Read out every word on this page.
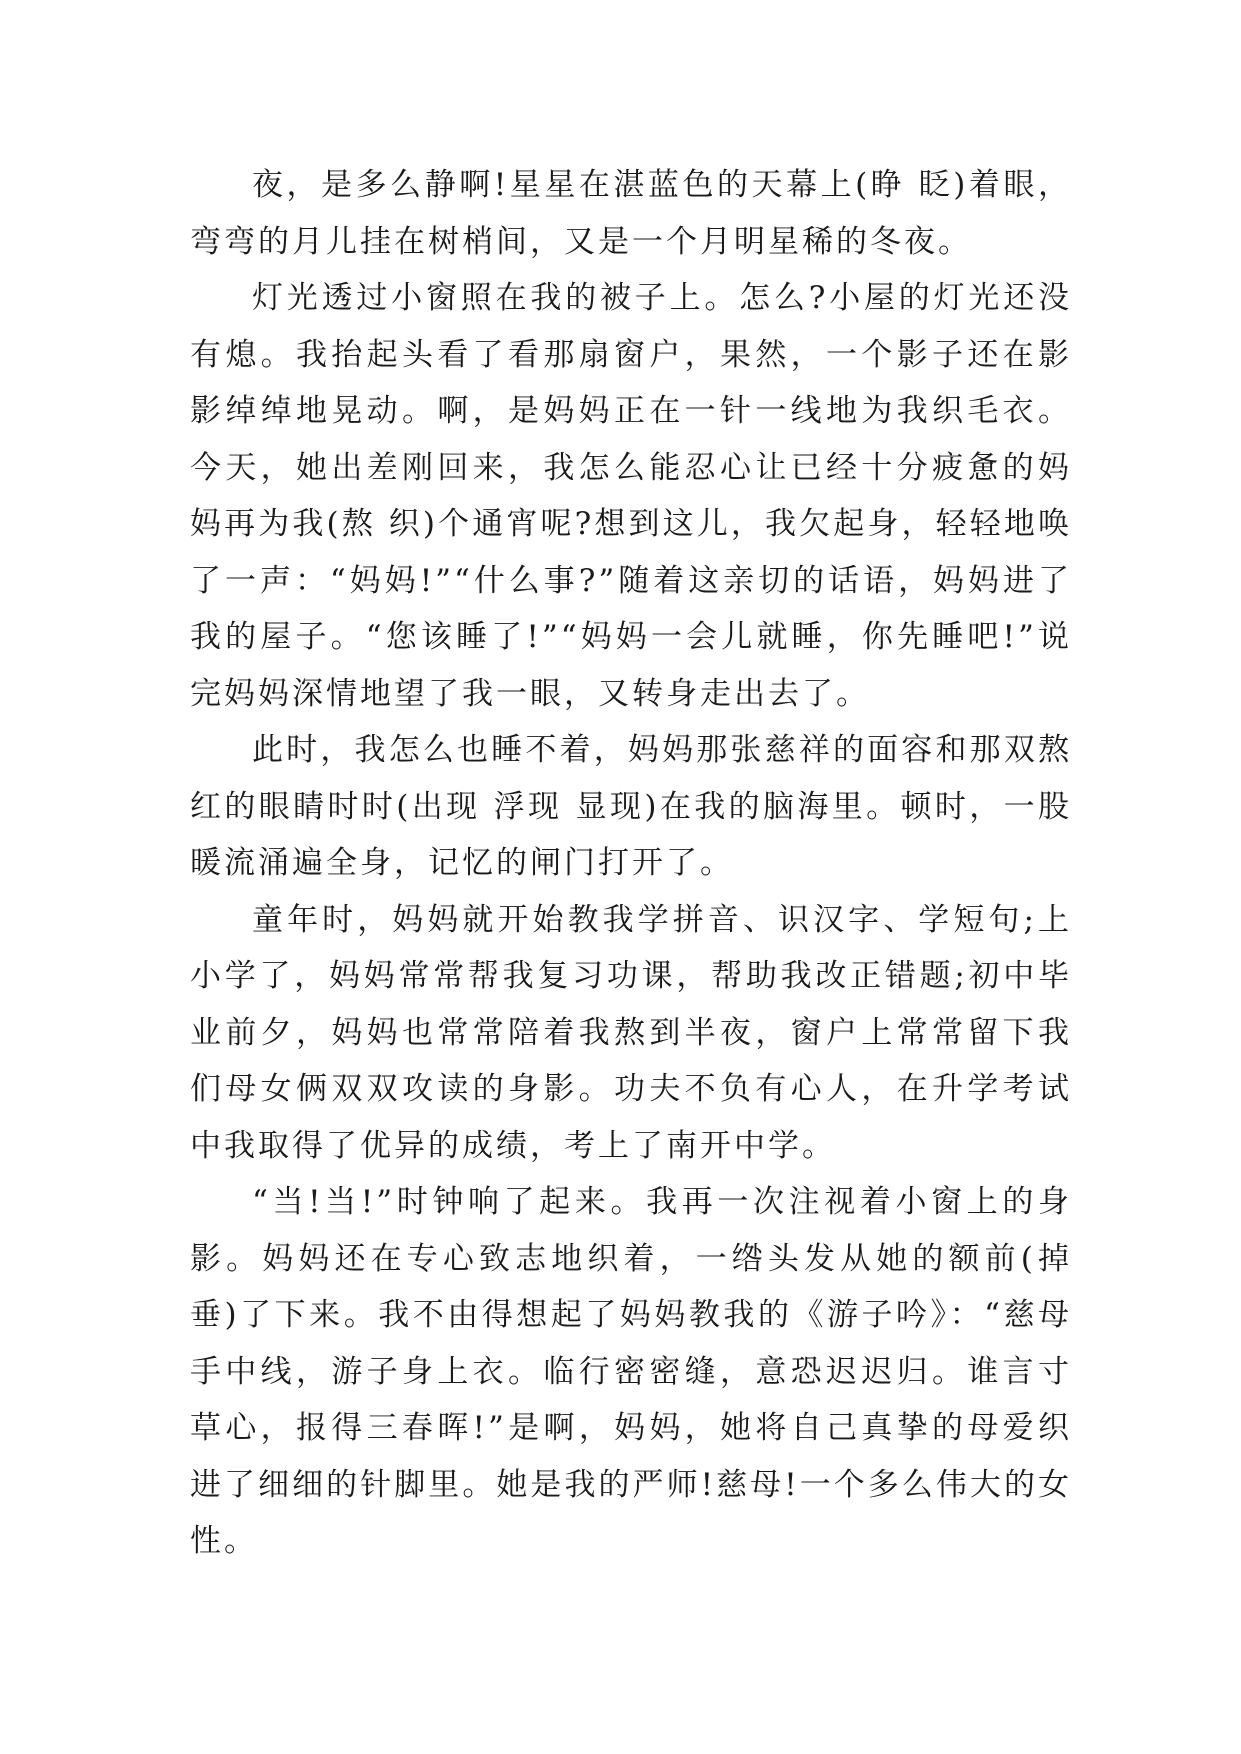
夜，是多么静啊!星星在湛蓝色的天幕上(睁 眨)着眼，弯弯的月儿挂在树梢间，又是一个月明星稀的冬夜。

灯光透过小窗照在我的被子上。怎么?小屋的灯光还没有熄。我抬起头看了看那扇窗户，果然，一个影子还在影影绰绰地晃动。啊，是妈妈正在一针一线地为我织毛衣。今天，她出差刚回来，我怎么能忍心让已经十分疲惫的妈妈再为我(熬 织)个通宵呢?想到这儿，我欠起身，轻轻地唤了一声：“妈妈!”“什么事?”随着这亲切的话语，妈妈进了我的屋子。“您该睡了!”“妈妈一会儿就睡，你先睡吧!”说完妈妈深情地望了我一眼，又转身走出去了。

此时，我怎么也睡不着，妈妈那张慈祥的面容和那双熬红的眼睛时时(出现 浮现 显现)在我的脑海里。顿时，一股暖流涌遍全身，记忆的闸门打开了。

童年时，妈妈就开始教我学拼音、识汉字、学短句;上小学了，妈妈常常帮我复习功课，帮助我改正错题;初中毕业前夕，妈妈也常常陪着我熬到半夜，窗户上常常留下我们母女俩双双攻读的身影。功夫不负有心人，在升学考试中我取得了优异的成绩，考上了南开中学。

“当!当!”时钟响了起来。我再一次注视着小窗上的身影。妈妈还在专心致志地织着，一绺头发从她的额前(掉 垂)了下来。我不由得想起了妈妈教我的《游子吟》：“慈母手中线，游子身上衣。临行密密缝，意恐迟迟归。谁言寸草心，报得三春晖!”是啊，妈妈，她将自己真挚的母爱织进了细细的针脚里。她是我的严师!慈母!一个多么伟大的女性。
